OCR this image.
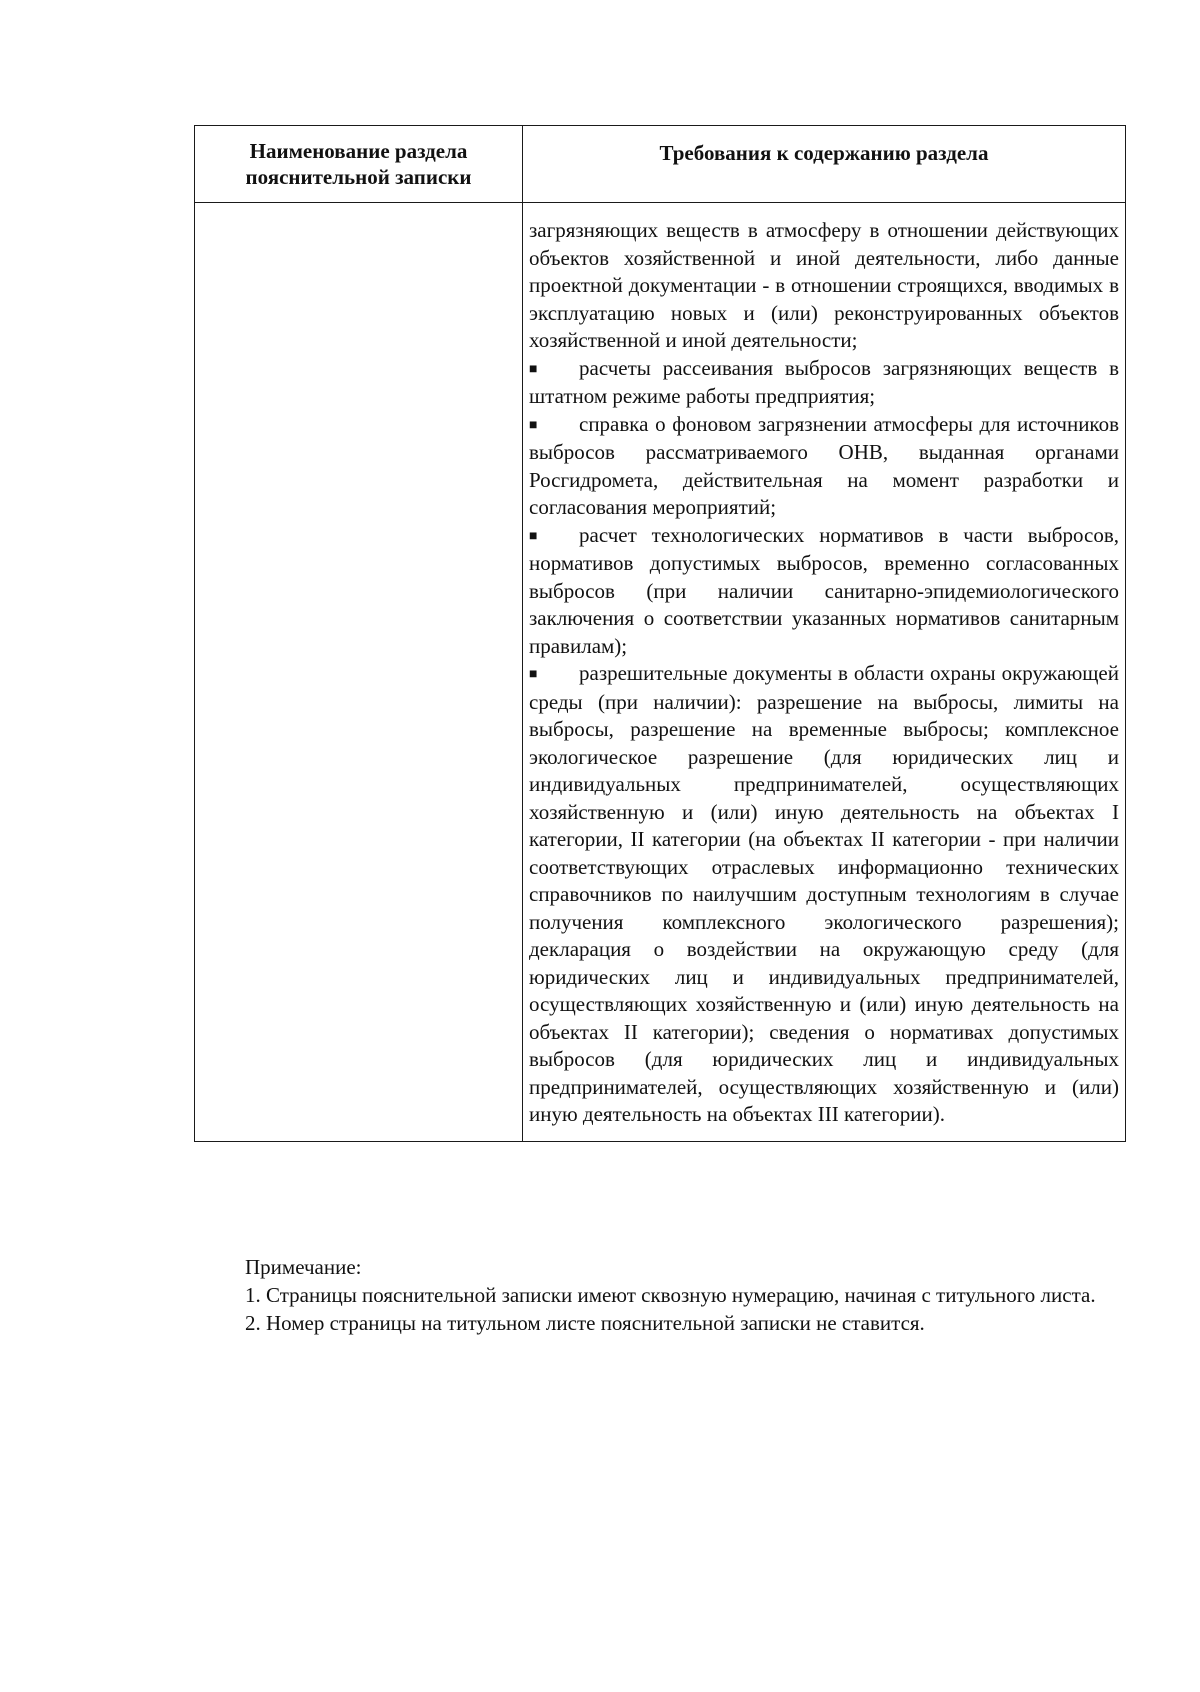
Наименование раздела пояснительной записки	Требования к содержанию раздела

	загрязняющих веществ в атмосферу в отношении действующих объектов хозяйственной и иной деятельности, либо данные проектной документации - в отношении строящихся, вводимых в эксплуатацию новых и (или) реконструированных объектов хозяйственной и иной деятельности;

■ расчеты рассеивания выбросов загрязняющих веществ в штатном режиме работы предприятия;

■ справка о фоновом загрязнении атмосферы для источников выбросов рассматриваемого ОНВ, выданная органами Росгидромета, действительная на момент разработки и согласования мероприятий;

■ расчет технологических нормативов в части выбросов, нормативов допустимых выбросов, временно согласованных выбросов (при наличии санитарно-эпидемиологического заключения о соответствии указанных нормативов санитарным правилам);

■ разрешительные документы в области охраны окружающей среды (при наличии): разрешение на выбросы, лимиты на выбросы, разрешение на временные выбросы; комплексное экологическое разрешение (для юридических лиц и индивидуальных предпринимателей, осуществляющих хозяйственную и (или) иную деятельность на объектах I категории, II категории (на объектах II категории - при наличии соответствующих отраслевых информационно технических справочников по наилучшим доступным технологиям в случае получения комплексного экологического разрешения); декларация о воздействии на окружающую среду (для юридических лиц и индивидуальных предпринимателей, осуществляющих хозяйственную и (или) иную деятельность на объектах II категории); сведения о нормативах допустимых выбросов (для юридических лиц и индивидуальных предпринимателей, осуществляющих хозяйственную и (или) иную деятельность на объектах III категории).

Примечание:

1. Страницы пояснительной записки имеют сквозную нумерацию, начиная с титульного листа.

2. Номер страницы на титульном листе пояснительной записки не ставится.
